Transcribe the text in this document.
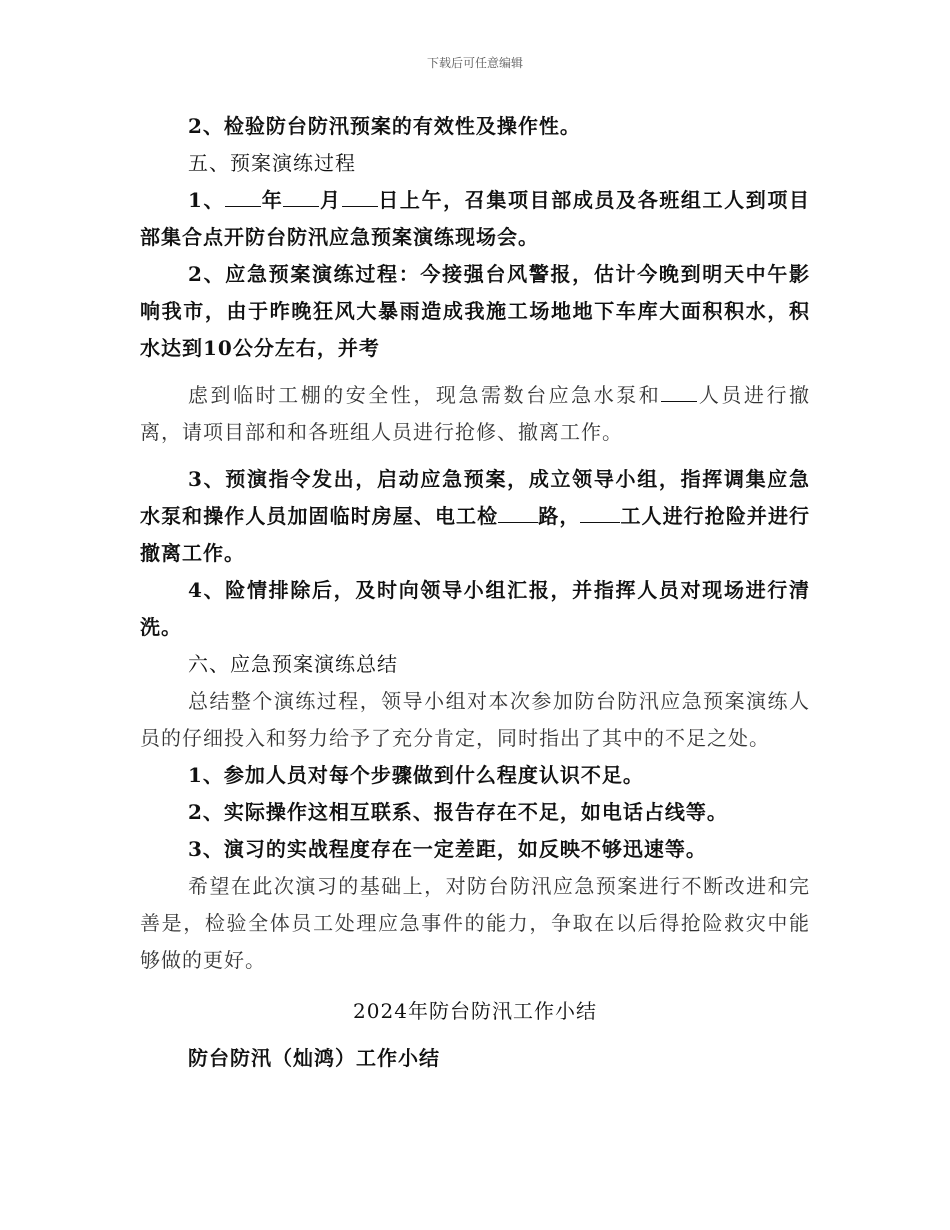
下载后可任意编辑

2、检验防台防汛预案的有效性及操作性。

五、预案演练过程

1、 年 月 日上午，召集项目部成员及各班组工人到项目部集合点开防台防汛应急预案演练现场会。

2、应急预案演练过程：今接强台风警报，估计今晚到明天中午影响我市，由于昨晚狂风大暴雨造成我施工场地地下车库大面积积水，积水达到10公分左右，并考

虑到临时工棚的安全性，现急需数台应急水泵和 人员进行撤离，请项目部和和各班组人员进行抢修、撤离工作。

3、预演指令发出，启动应急预案，成立领导小组，指挥调集应急水泵和操作人员加固临时房屋、电工检 路， 工人进行抢险并进行撤离工作。

4、险情排除后，及时向领导小组汇报，并指挥人员对现场进行清洗。

六、应急预案演练总结

总结整个演练过程，领导小组对本次参加防台防汛应急预案演练人员的仔细投入和努力给予了充分肯定，同时指出了其中的不足之处。

1、参加人员对每个步骤做到什么程度认识不足。

2、实际操作这相互联系、报告存在不足，如电话占线等。

3、演习的实战程度存在一定差距，如反映不够迅速等。

希望在此次演习的基础上，对防台防汛应急预案进行不断改进和完善是，检验全体员工处理应急事件的能力，争取在以后得抢险救灾中能够做的更好。

2024年防台防汛工作小结

防台防汛（灿鸿）工作小结
